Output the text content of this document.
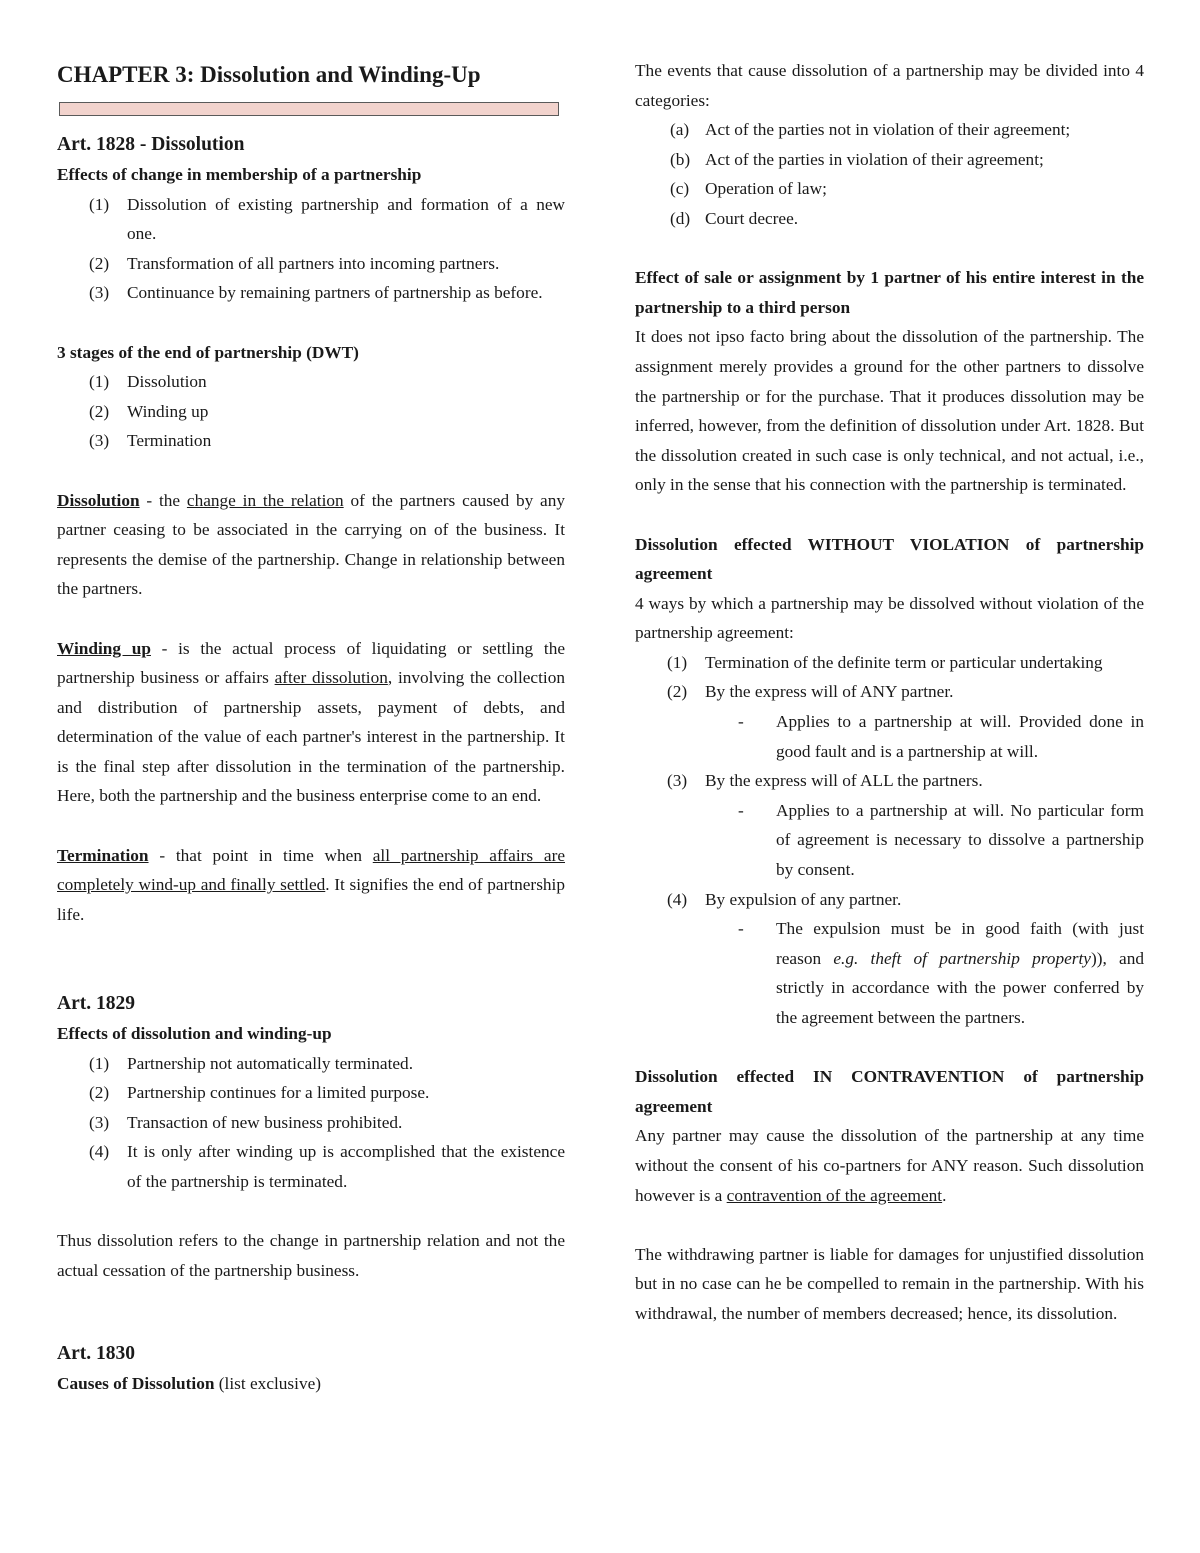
CHAPTER 3: Dissolution and Winding-Up
Art. 1828 - Dissolution
Effects of change in membership of a partnership
(1) Dissolution of existing partnership and formation of a new one.
(2) Transformation of all partners into incoming partners.
(3) Continuance by remaining partners of partnership as before.
3 stages of the end of partnership (DWT)
(1) Dissolution
(2) Winding up
(3) Termination

Dissolution - the change in the relation of the partners caused by any partner ceasing to be associated in the carrying on of the business. It represents the demise of the partnership. Change in relationship between the partners.

Winding up - is the actual process of liquidating or settling the partnership business or affairs after dissolution, involving the collection and distribution of partnership assets, payment of debts, and determination of the value of each partner's interest in the partnership. It is the final step after dissolution in the termination of the partnership. Here, both the partnership and the business enterprise come to an end.

Termination - that point in time when all partnership affairs are completely wind-up and finally settled. It signifies the end of partnership life.

Art. 1829
Effects of dissolution and winding-up
(1) Partnership not automatically terminated.
(2) Partnership continues for a limited purpose.
(3) Transaction of new business prohibited.
(4) It is only after winding up is accomplished that the existence of the partnership is terminated.

Thus dissolution refers to the change in partnership relation and not the actual cessation of the partnership business.

Art. 1830

Causes of Dissolution (list exclusive)

The events that cause dissolution of a partnership may be divided into 4 categories:

(a) Act of the parties not in violation of their agreement;
(b) Act of the parties in violation of their agreement;
(c) Operation of law;
(d) Court decree.
Effect of sale or assignment by 1 partner of his entire interest in the partnership to a third person

It does not ipso facto bring about the dissolution of the partnership. The assignment merely provides a ground for the other partners to dissolve the partnership or for the purchase. That it produces dissolution may be inferred, however, from the definition of dissolution under Art. 1828. But the dissolution created in such case is only technical, and not actual, i.e., only in the sense that his connection with the partnership is terminated.

Dissolution effected WITHOUT VIOLATION of partnership agreement

4 ways by which a partnership may be dissolved without violation of the partnership agreement:

(1) Termination of the definite term or particular undertaking
(2) By the express will of ANY partner.
- Applies to a partnership at will. Provided done in good fault and is a partnership at will.
(3) By the express will of ALL the partners.
- Applies to a partnership at will. No particular form of agreement is necessary to dissolve a partnership by consent.
(4) By expulsion of any partner.
- The expulsion must be in good faith (with just reason e.g. theft of partnership property)), and strictly in accordance with the power conferred by the agreement between the partners.
Dissolution effected IN CONTRAVENTION of partnership agreement

Any partner may cause the dissolution of the partnership at any time without the consent of his co-partners for ANY reason. Such dissolution however is a contravention of the agreement.

The withdrawing partner is liable for damages for unjustified dissolution but in no case can he be compelled to remain in the partnership. With his withdrawal, the number of members decreased; hence, its dissolution.
